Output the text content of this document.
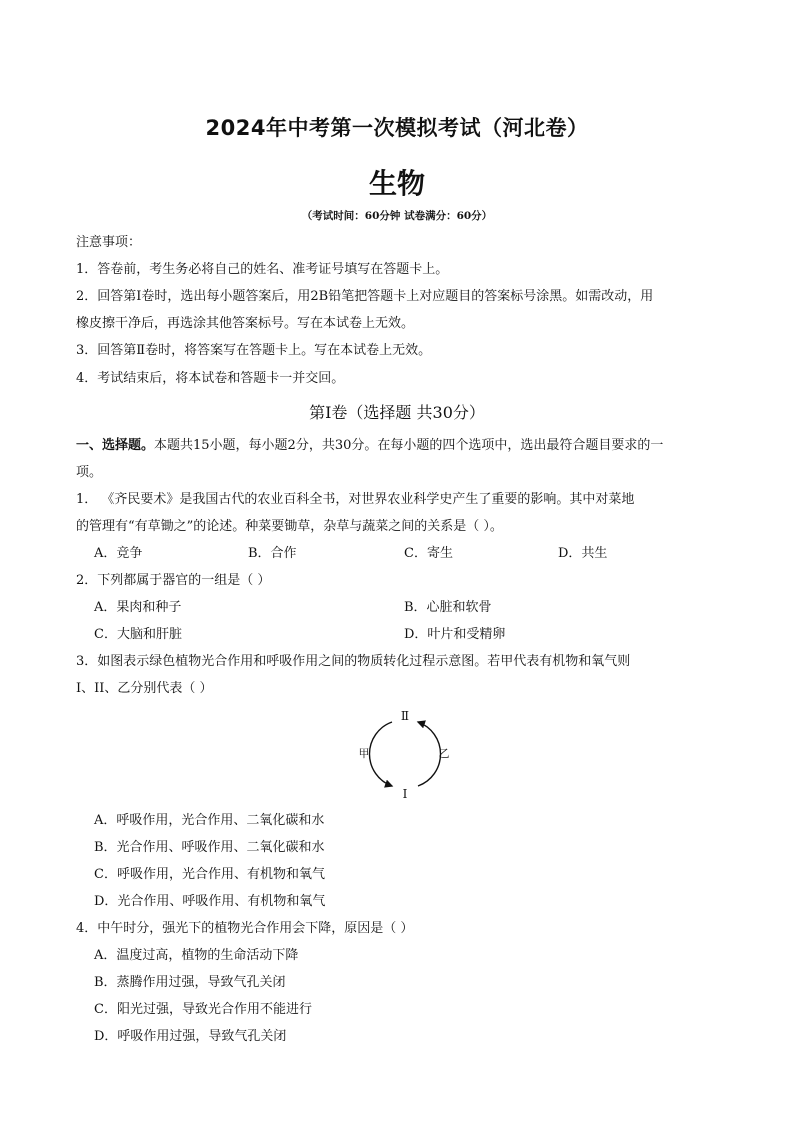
2024年中考第一次模拟考试（河北卷）
生物
（考试时间：60分钟 试卷满分：60分）
注意事项：
1．答卷前，考生务必将自己的姓名、准考证号填写在答题卡上。
2．回答第Ⅰ卷时，选出每小题答案后，用2B铅笔把答题卡上对应题目的答案标号涂黑。如需改动，用
橡皮擦干净后，再选涂其他答案标号。写在本试卷上无效。
3．回答第Ⅱ卷时，将答案写在答题卡上。写在本试卷上无效。
4．考试结束后，将本试卷和答题卡一并交回。
第Ⅰ卷（选择题 共30分）
一、选择题。本题共15小题，每小题2分，共30分。在每小题的四个选项中，选出最符合题目要求的一
项。
1． 《齐民要术》是我国古代的农业百科全书，对世界农业科学史产生了重要的影响。其中对菜地
的管理有“有草锄之”的论述。种菜要锄草，杂草与蔬菜之间的关系是（ ）。
A．竞争	B．合作	C．寄生	D．共生
2．下列都属于器官的一组是（ ）
A．果肉和种子	B．心脏和软骨
C．大脑和肝脏	D．叶片和受精卵
3．如图表示绿色植物光合作用和呼吸作用之间的物质转化过程示意图。若甲代表有机物和氧气则
I、II、乙分别代表（ ）
Ⅱ
甲	乙
Ⅰ
A．呼吸作用，光合作用、二氧化碳和水
B．光合作用、呼吸作用、二氧化碳和水
C．呼吸作用，光合作用、有机物和氧气
D．光合作用、呼吸作用、有机物和氧气
4．中午时分，强光下的植物光合作用会下降，原因是（ ）
A．温度过高，植物的生命活动下降
B．蒸腾作用过强，导致气孔关闭
C．阳光过强，导致光合作用不能进行
D．呼吸作用过强，导致气孔关闭
